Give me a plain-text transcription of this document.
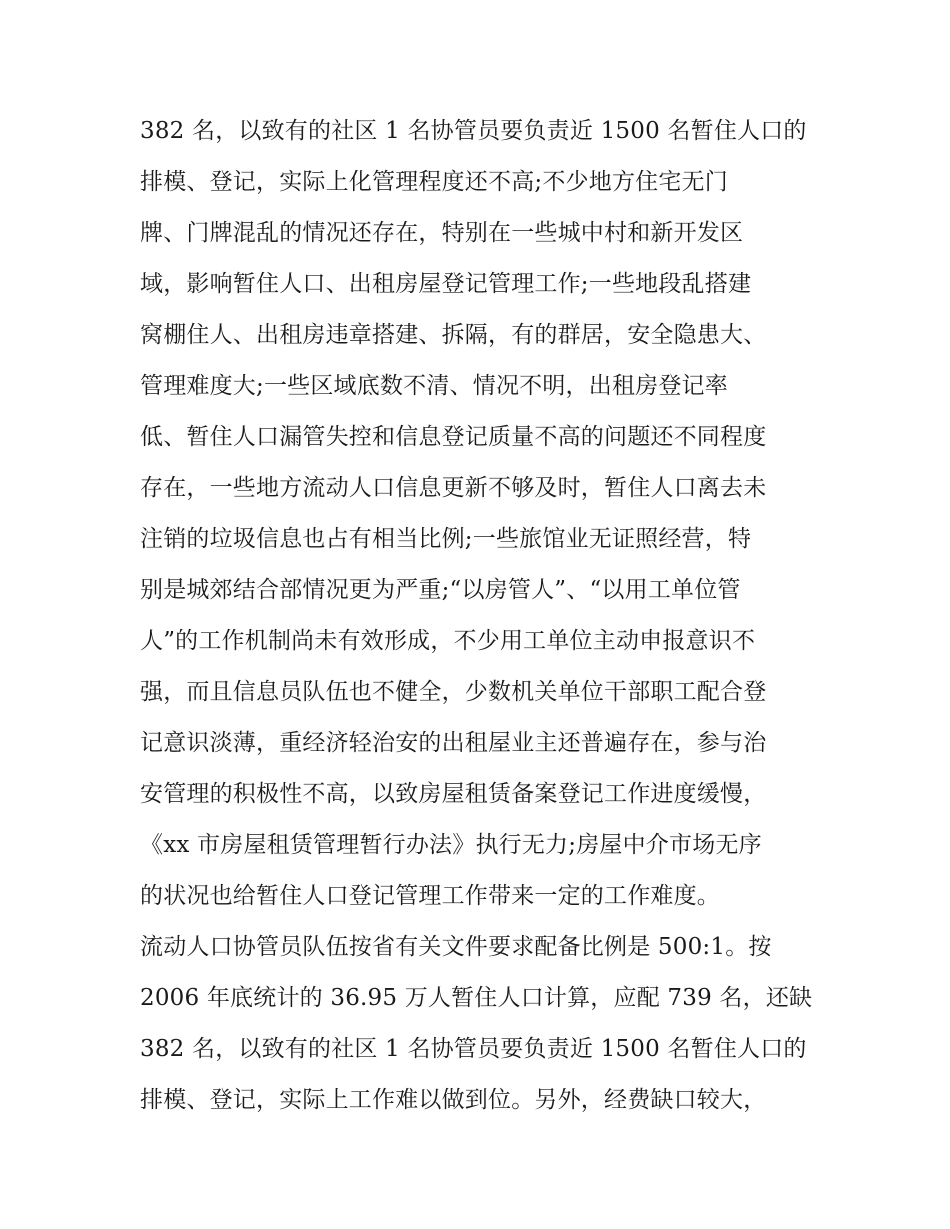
382 名，以致有的社区 1 名协管员要负责近 1500 名暂住人口的
排模、登记，实际上化管理程度还不高;不少地方住宅无门
牌、门牌混乱的情况还存在，特别在一些城中村和新开发区
域，影响暂住人口、出租房屋登记管理工作;一些地段乱搭建
窝棚住人、出租房违章搭建、拆隔，有的群居，安全隐患大、
管理难度大;一些区域底数不清、情况不明，出租房登记率
低、暂住人口漏管失控和信息登记质量不高的问题还不同程度
存在，一些地方流动人口信息更新不够及时，暂住人口离去未
注销的垃圾信息也占有相当比例;一些旅馆业无证照经营，特
别是城郊结合部情况更为严重;“以房管人”、“以用工单位管
人”的工作机制尚未有效形成，不少用工单位主动申报意识不
强，而且信息员队伍也不健全，少数机关单位干部职工配合登
记意识淡薄，重经济轻治安的出租屋业主还普遍存在，参与治
安管理的积极性不高，以致房屋租赁备案登记工作进度缓慢，
《xx 市房屋租赁管理暂行办法》执行无力;房屋中介市场无序
的状况也给暂住人口登记管理工作带来一定的工作难度。
流动人口协管员队伍按省有关文件要求配备比例是 500:1。按
2006 年底统计的 36.95 万人暂住人口计算，应配 739 名，还缺
382 名，以致有的社区 1 名协管员要负责近 1500 名暂住人口的
排模、登记，实际上工作难以做到位。另外，经费缺口较大，
